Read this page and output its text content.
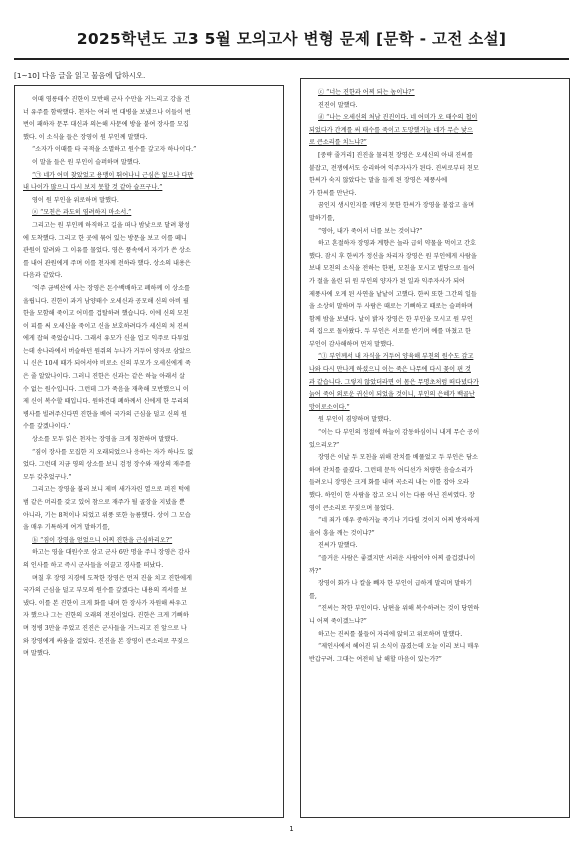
2025학년도 고3 5월 모의고사 변형 문제 [문학 - 고전 소설]
[1~10] 다음 글을 읽고 물음에 답하시오.
이때 영릉태수 진한이 모반해 군사 수만을 거느리고 강을 건
너 유주를 함락했다. 천자는 여러 번 대병을 보냈으나 이들이 번
번이 패하자 문무 대신과 의논해 사문에 방을 붙여 장사를 모집
했다. 이 소식을 들은 장영이 원 부인께 말했다.
“소자가 이때를 타 국적을 소멸하고 원수를 갚고자 하나이다.”
이 말을 들은 원 부인이 슬퍼하며 말했다.
“㉠ 네가 어미 찾았었고 용맹이 뛰어나니 근심은 없으나 다만
내 나이가 많으니 다시 보지 못할 것 같아 슬프구나.”
영이 원 부인을 위로하며 말했다.
ⓐ “모친은 과도히 염려하지 마소서.”
그리고는 원 부인께 하직하고 길을 떠나 밤낮으로 달려 황성
에 도착했다. 그리고 한 곳에 묶어 있는 방문을 보고 이를 떼니
관원이 알려와 그 이유를 물었다. 영은 품속에서 자기가 쓴 상소
를 내어 관원에게 주며 이를 천자께 전하라 했다. 상소의 내용은
다음과 같았다.
‘익주 금벽산에 사는 장영은 돈수백배하고 폐하께 이 상소를
올립니다. 진한이 과거 남양태수 오세신과 공모해 신의 아비 필
한을 모함해 죽이고 어미를 겁탈하려 했습니다. 이에 신의 모친
이 피를 써 오세신을 죽이고 신을 보호하려다가 세신의 처 진씨
에게 잡혀 죽었습니다. 그래서 유모가 신을 업고 익주로 다투었
는데 송나라에서 버슬하던 원쥐의 누나가 거두어 양자로 삼았으
니 신은 10세 때가 되어서야 비로소 신의 부모가 오세신에게 죽
은 줄 알았나이다. 그러니 진한은 신과는 같은 하늘 아래서 살
수 없는 원수입니다. 그런데 그가 죽음을 재촉해 모반했으니 이
제 신이 복수할 때입니다. 원하건대 폐하께서 신에게 한 무리의
병사를 빌려주신다면 진한을 베어 국가의 근심을 덜고 신의 원
수를 갚겠나이다.’
상소를 모두 읽은 천자는 장영을 크게 칭찬하며 말했다.
“짐이 장사를 모집한 지 오래되었으나 응하는 자가 하나도 없
었다. 그런데 지금 영의 상소를 보니 검정 장수와 재상의 재주를
모두 갖추었구나.”
그리고는 장영을 불러 보니 제비 새가자린 열으로 퍼진 턱에
범 같은 머리를 갖고 있어 참으로 재주가 될 골장을 지녔을 뿐
아니라, 기는 8척이나 되었고 위풍 또한 늠름했다. 상이 그 모습
을 매우 기특하게 여겨 말하기를,
ⓑ “짐이 장영을 얻었으니 어찌 진한을 근심하리오?”
하고는 영을 대원수로 삼고 군사 6만 명을 주니 장영은 감사
의 인사를 하고 즉시 군사들을 이끌고 경사를 떠났다.
며칠 후 장영 지경에 도착한 장영은 먼저 진을 치고 진한에게
국가의 근심을 덜고 부모의 원수를 갚겠다는 내용의 격서를 보
냈다. 이를 본 진한이 크게 화를 내며 한 장사가 자원해 싸우고
자 했으나 그는 진한의 오래의 전진이었다. 진한은 크게 기뻐하
며 정병 3만을 주었고 진진은 군사들을 거느리고 진 앞으로 나
와 장영에게 싸움을 걸었다. 진진을 본 장영이 큰소리로 꾸짖으
며 말했다.
ⓒ “너는 진한과 어찌 되는 놈이냐?”
진진이 말했다.
ⓓ “나는 오세신의 처남 진진이다. 네 어미가 오 태수의 첩이
되었다가 간계를 써 태수를 죽이고 도망했거늘 네가 무슨 낯으
로 큰소리를 치느냐?”
[중략 줄거리] 진진을 물리친 장영은 오세신의 아내 진씨를
붙잡고, 전쟁에서도 승리하여 익주자사가 된다. 진씨로부터 친모
한씨가 숙지 않았다는 말을 들게 된 장영은 제풍사에
가 한씨를 만난다.
꿈인지 생시인지를 깨닫지 못한 한씨가 장영을 붙잡고 울며
말하기를,
“영아, 내가 죽어서 너를 보는 것이냐?”
하고 혼절하자 장영과 계향은 놀라 급히 약물을 먹이고 간호
했다. 잠시 후 한씨가 정신을 차리자 장영은 원 부인에게 사람을
보내 모친의 소식을 전하는 한편, 모친을 모시고 별당으로 들어
가 절을 올린 뒤 원 부인의 양자가 된 일과 익주자사가 되어
제풍사에 오게 된 사연을 낱낱이 고했다. 한씨 또한 그간의 일들
을 소상히 말하며 두 사람은 때로는 기뻐하고 때로는 슬퍼하며
함께 밤을 보냈다. 날이 밝자 장영은 한 부인을 모시고 원 부인
의 집으로 돌아왔다. 두 부인은 서로를 반기며 예를 마쳤고 한
부인이 감사해하며 먼저 말했다.
“ⓛ 부인께서 내 자식을 거두어 양육해 부친의 원수도 갚고
나와 다시 만나게 하셨으니 이는 죽은 나무에 다시 꽃이 핀 것
과 같습니다. 그렇지 않았더라면 이 몸은 무명초처럼 떠다녔다가
늙어 죽어 외로운 귀신이 되었을 것이니, 부인의 은혜가 백골난
망이로소이다.”
원 부인이 겸양하며 말했다.
“이는 다 부인의 정절에 하늘이 감동하심이니 내게 무슨 공이
있으리오?”
장영은 이날 두 모친을 위해 잔치를 베풀었고 두 부인은 담소
하며 잔치를 즐겼다. 그런데 문득 어디선가 처량한 음슬소리가
들려오니 장영은 크게 화를 내며 곡소리 내는 이를 잡아 오라
했다. 하인이 한 사람을 잡고 오니 이는 다름 아닌 진씨였다. 장
영이 큰소리로 꾸짖으며 물었다.
“네 죄가 매우 중하거늘 죽기나 기다릴 것이지 어찌 방자하게
울어 흥을 깨는 것이냐?”
진씨가 말했다.
“즐거운 사람은 좋겠지만 서러운 사람이야 어찌 즐겁겠나이
까?”
장영이 화가 나 칼을 빼자 한 부인이 급하게 말리며 말하기
를,
“진씨는 착한 부인이다. 남편을 위해 복수하려는 것이 당연하
니 어찌 죽이겠느냐?”
하고는 진씨를 불들어 자리에 앉히고 위로하며 말했다.
“제인사에서 헤어진 뒤 소식이 끊겼는데 오늘 이리 보니 매우
반갑구려. 그대는 여전히 날 해할 마음이 있는가?”
1
